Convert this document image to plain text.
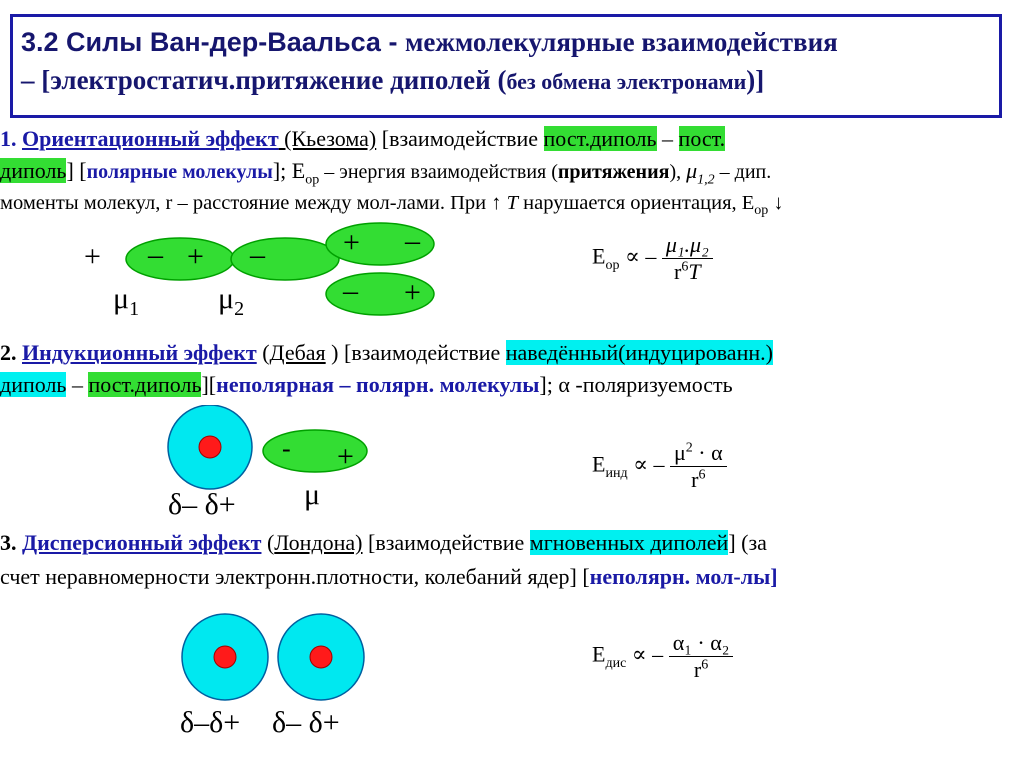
3.2 Силы Ван-дер-Ваальса - межмолекулярные взаимодействия
– [электростатич.притяжение диполей (без обмена электронами)]
1. Ориентационный эффект (Кьезома) [взаимодействие пост.диполь – пост.
диполь] [полярные молекулы]; $E_{ор}$ – энергия взаимодействия (притяжения), $\mu_{1,2}$ – дип.
моменты молекул, r – расстояние между мол-лами. При ↑ T нарушается ориентация, $E_{ор}$ ↓
+ – + –	+ –
– +
$\mu_1$	$\mu_2$
$E_{ор}$ ∝ – $\frac{\text{μ₁.μ₂}}{r^6T}$
2. Индукционный эффект (Дебая ) [взаимодействие наведённый(индуцированн.)
диполь – пост.диполь][неполярная – полярн. молекулы]; α -поляризуемость
- +
δ– δ+ μ
$E_{инд}$ ∝ – $\frac{\mu^2 \cdot \alpha}{r^6}$
3. Дисперсионный эффект (Лондона) [взаимодействие мгновенных диполей] (за
счет неравномерности электронн.плотности, колебаний ядер] [неполярн. мол-лы]
δ–δ+ δ– δ+
$E_{дис}$ ∝ – $\frac{\text{α₁ · α₂}}{r^6}$
